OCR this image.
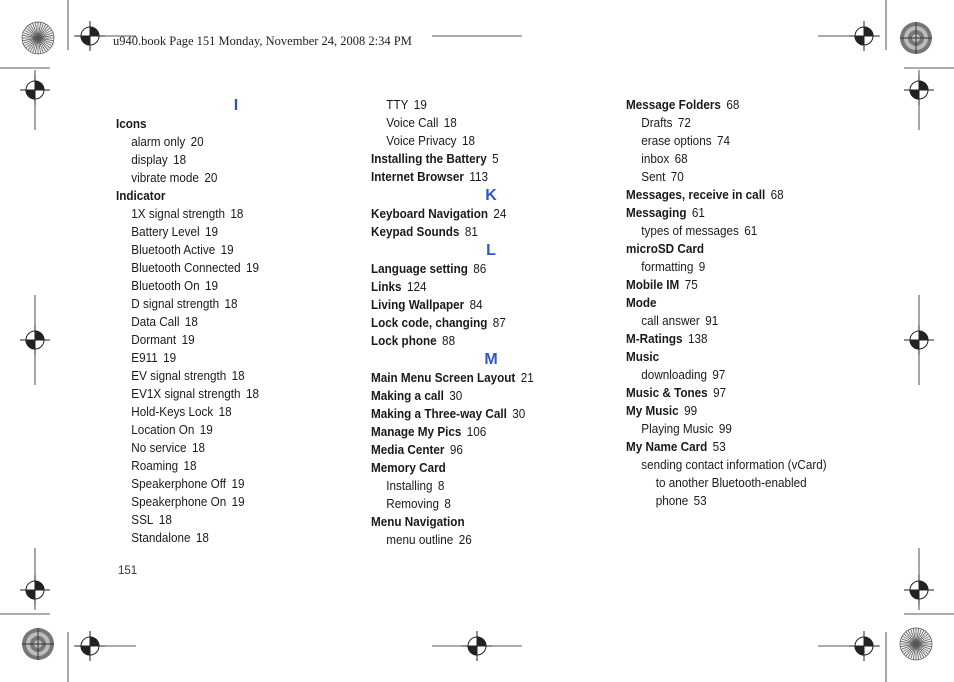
u940.book Page 151 Monday, November 24, 2008 2:34 PM
I
Icons
alarm only 20
display 18
vibrate mode 20
Indicator
1X signal strength 18
Battery Level 19
Bluetooth Active 19
Bluetooth Connected 19
Bluetooth On 19
D signal strength 18
Data Call 18
Dormant 19
E911 19
EV signal strength 18
EV1X signal strength 18
Hold-Keys Lock 18
Location On 19
No service 18
Roaming 18
Speakerphone Off 19
Speakerphone On 19
SSL 18
Standalone 18
TTY 19
Voice Call 18
Voice Privacy 18
Installing the Battery 5
Internet Browser 113
K
Keyboard Navigation 24
Keypad Sounds 81
L
Language setting 86
Links 124
Living Wallpaper 84
Lock code, changing 87
Lock phone 88
M
Main Menu Screen Layout 21
Making a call 30
Making a Three-way Call 30
Manage My Pics 106
Media Center 96
Memory Card
Installing 8
Removing 8
Menu Navigation
menu outline 26
Message Folders 68
Drafts 72
erase options 74
inbox 68
Sent 70
Messages, receive in call 68
Messaging 61
types of messages 61
microSD Card
formatting 9
Mobile IM 75
Mode
call answer 91
M-Ratings 138
Music
downloading 97
Music & Tones 97
My Music 99
Playing Music 99
My Name Card 53
sending contact information (vCard)
to another Bluetooth-enabled
phone 53
151
